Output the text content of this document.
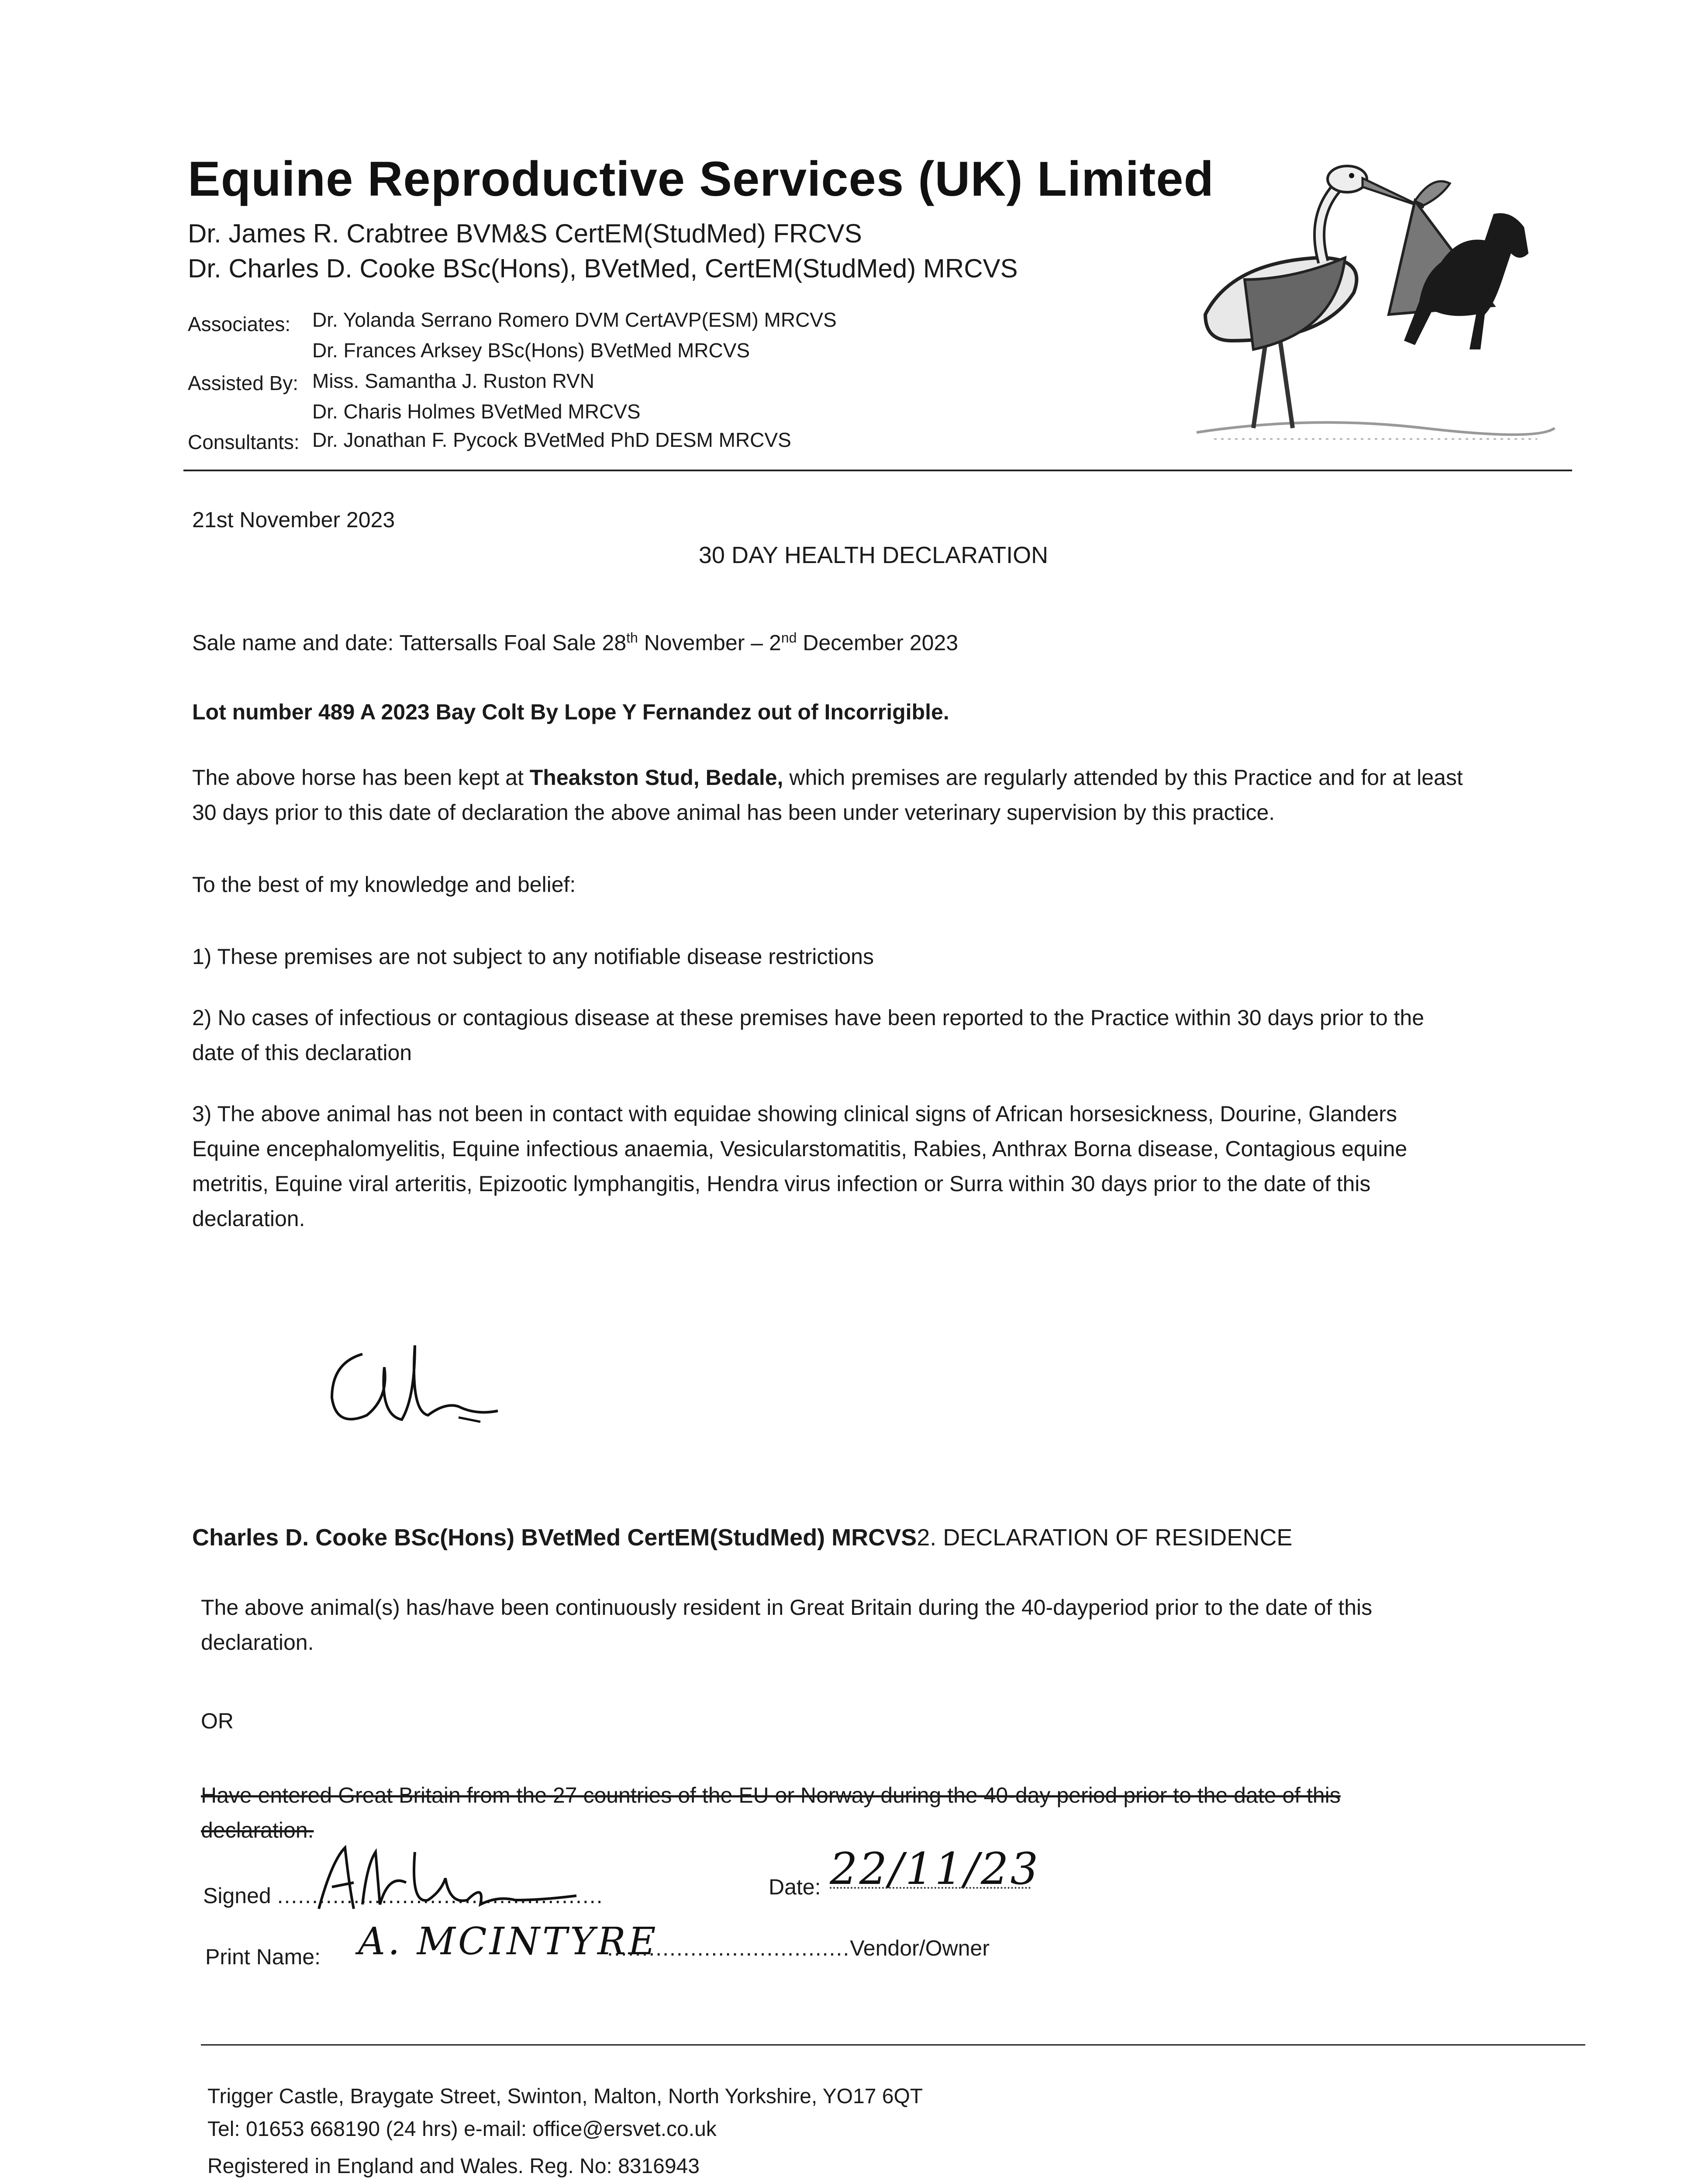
Equine Reproductive Services (UK) Limited
Dr. James R. Crabtree BVM&S CertEM(StudMed) FRCVS
Dr. Charles D. Cooke BSc(Hons), BVetMed, CertEM(StudMed) MRCVS
Associates: Dr. Yolanda Serrano Romero DVM CertAVP(ESM) MRCVS
Dr. Frances Arksey BSc(Hons) BVetMed MRCVS
Assisted By: Miss. Samantha J. Ruston RVN
Dr. Charis Holmes BVetMed MRCVS
Consultants: Dr. Jonathan F. Pycock BVetMed PhD DESM MRCVS
21st November 2023
30 DAY HEALTH DECLARATION
Sale name and date: Tattersalls Foal Sale 28th November – 2nd December 2023
Lot number 489 A 2023 Bay Colt By Lope Y Fernandez out of Incorrigible.
The above horse has been kept at Theakston Stud, Bedale, which premises are regularly attended by this Practice and for at least
30 days prior to this date of declaration the above animal has been under veterinary supervision by this practice.
To the best of my knowledge and belief:
1) These premises are not subject to any notifiable disease restrictions
2) No cases of infectious or contagious disease at these premises have been reported to the Practice within 30 days prior to the
date of this declaration
3) The above animal has not been in contact with equidae showing clinical signs of African horsesickness, Dourine, Glanders
Equine encephalomyelitis, Equine infectious anaemia, Vesicularstomatitis, Rabies, Anthrax Borna disease, Contagious equine
metritis, Equine viral arteritis, Epizootic lymphangitis, Hendra virus infection or Surra within 30 days prior to the date of this
declaration.
Charles D. Cooke BSc(Hons) BVetMed CertEM(StudMed) MRCVS2. DECLARATION OF RESIDENCE
The above animal(s) has/have been continuously resident in Great Britain during the 40-dayperiod prior to the date of this
declaration.
OR
Have entered Great Britain from the 27 countries of the EU or Norway during the 40-day period prior to the date of this
declaration.
Signed ...............................................	Date: 22/11/23
Print Name: A. MCINTYRE
...................................Vendor/Owner
Trigger Castle, Braygate Street, Swinton, Malton, North Yorkshire, YO17 6QT
Tel: 01653 668190 (24 hrs) e-mail: office@ersvet.co.uk
Registered in England and Wales. Reg. No: 8316943
